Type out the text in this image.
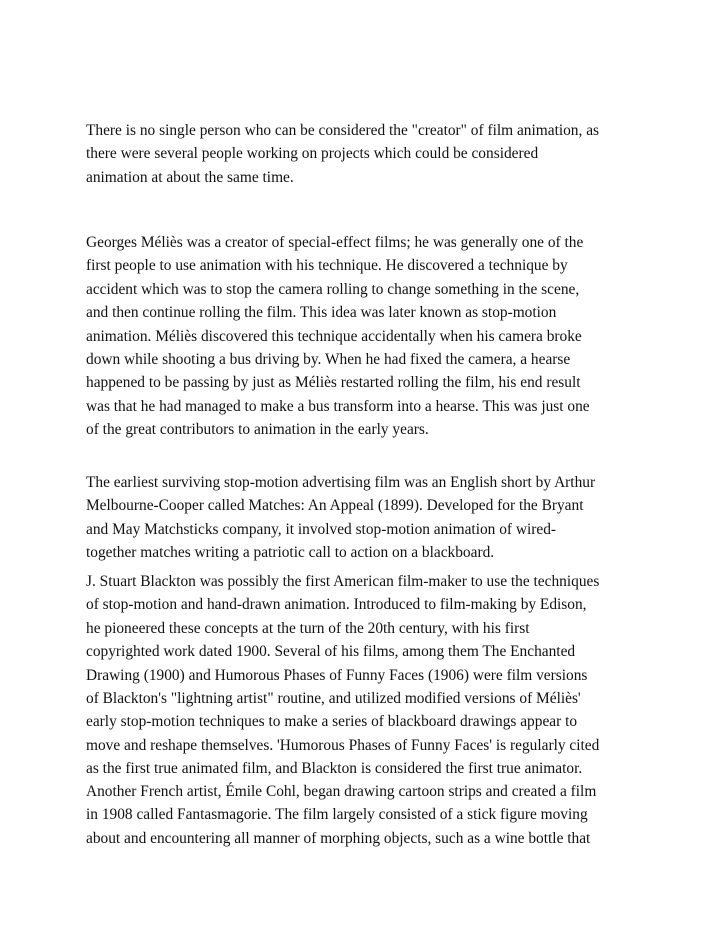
There is no single person who can be considered the "creator" of film animation, as
there were several people working on projects which could be considered
animation at about the same time.

Georges Méliès was a creator of special-effect films; he was generally one of the
first people to use animation with his technique. He discovered a technique by
accident which was to stop the camera rolling to change something in the scene,
and then continue rolling the film. This idea was later known as stop-motion
animation. Méliès discovered this technique accidentally when his camera broke
down while shooting a bus driving by. When he had fixed the camera, a hearse
happened to be passing by just as Méliès restarted rolling the film, his end result
was that he had managed to make a bus transform into a hearse. This was just one
of the great contributors to animation in the early years.

The earliest surviving stop-motion advertising film was an English short by Arthur
Melbourne-Cooper called Matches: An Appeal (1899). Developed for the Bryant
and May Matchsticks company, it involved stop-motion animation of wired-
together matches writing a patriotic call to action on a blackboard.

J. Stuart Blackton was possibly the first American film-maker to use the techniques
of stop-motion and hand-drawn animation. Introduced to film-making by Edison,
he pioneered these concepts at the turn of the 20th century, with his first
copyrighted work dated 1900. Several of his films, among them The Enchanted
Drawing (1900) and Humorous Phases of Funny Faces (1906) were film versions
of Blackton's "lightning artist" routine, and utilized modified versions of Méliès'
early stop-motion techniques to make a series of blackboard drawings appear to
move and reshape themselves. 'Humorous Phases of Funny Faces' is regularly cited
as the first true animated film, and Blackton is considered the first true animator.

Another French artist, Émile Cohl, began drawing cartoon strips and created a film
in 1908 called Fantasmagorie. The film largely consisted of a stick figure moving
about and encountering all manner of morphing objects, such as a wine bottle that
